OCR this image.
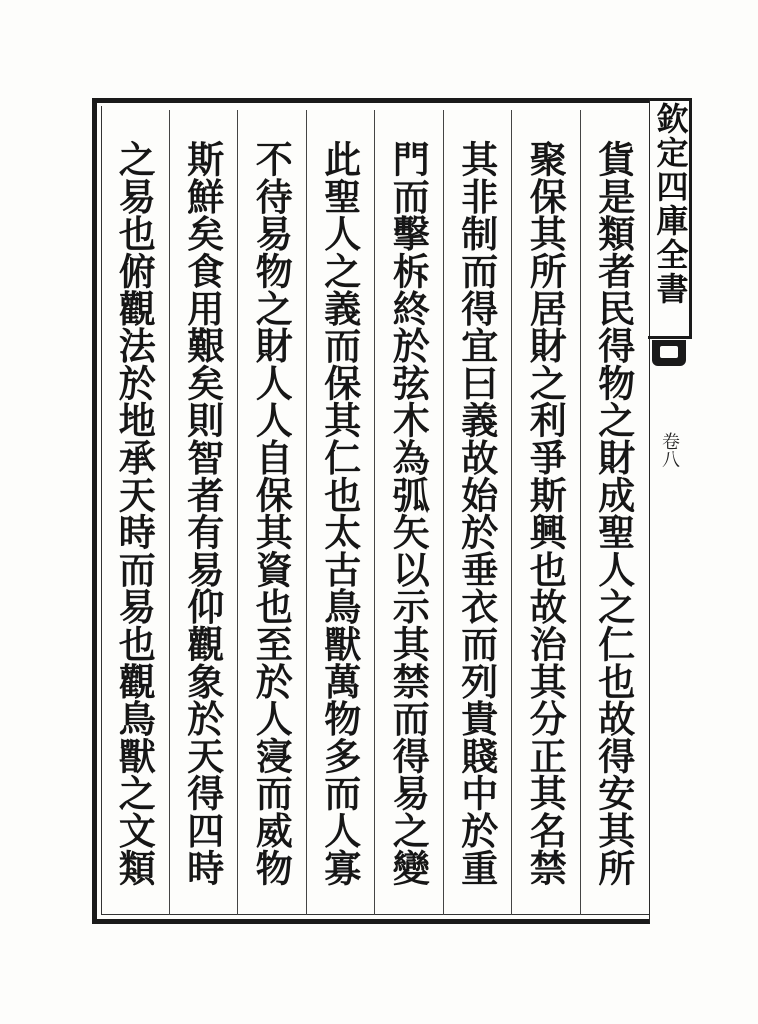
欽定四庫全書
卷八
貨是類者民得物之財成聖人之仁也故得安其所
聚保其所居財之利爭斯興也故治其分正其名禁
其非制而得宜曰義故始於垂衣而列貴賤中於重
門而擊柝終於弦木為弧矢以示其禁而得易之變
此聖人之義而保其仁也太古鳥獸萬物多而人寡
不待易物之財人人自保其資也至於人寖而威物
斯鮮矣食用艱矣則智者有易仰觀象於天得四時
之易也俯觀法於地承天時而易也觀鳥獸之文類
